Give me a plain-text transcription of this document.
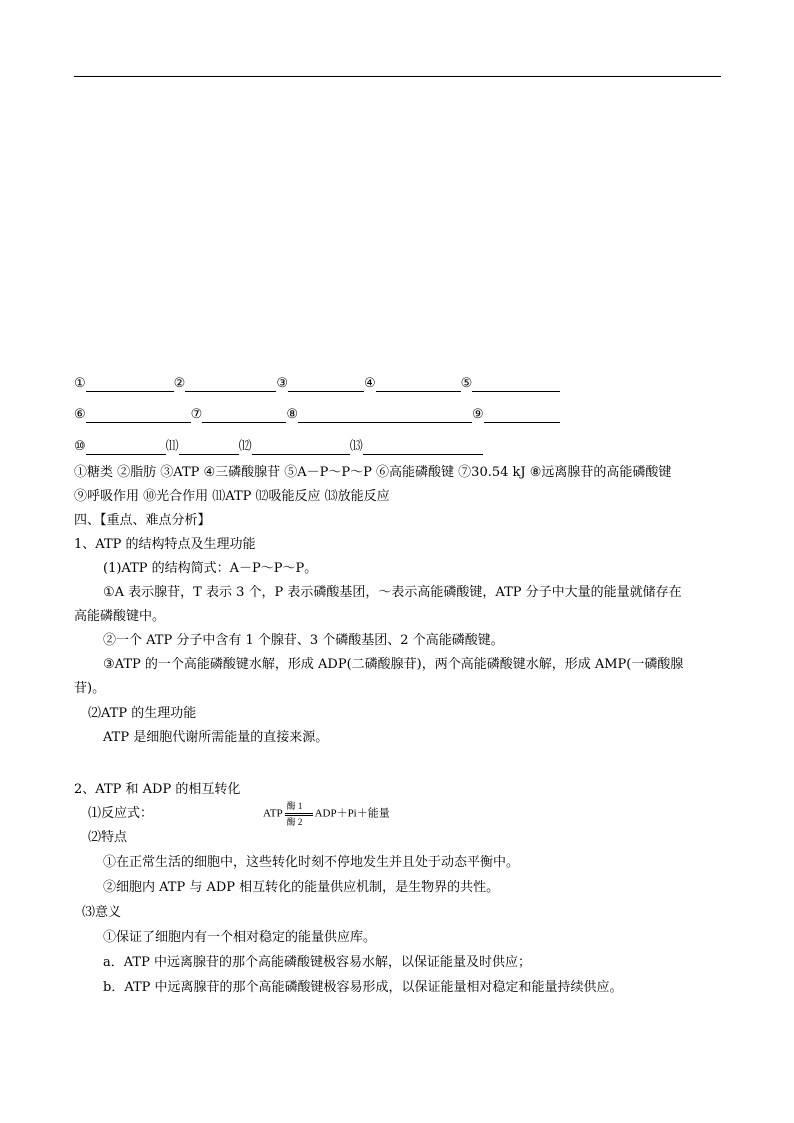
①	②	③	④	⑤
⑥	⑦	⑧	⑨
⑩	⑾	⑿	⒀
①糖类 ②脂肪 ③ATP ④三磷酸腺苷 ⑤A－P～P～P ⑥高能磷酸键 ⑦30.54 kJ ⑧远离腺苷的高能磷酸键
⑨呼吸作用 ⑩光合作用 ⑾ATP ⑿吸能反应 ⒀放能反应
四、【重点、难点分析】
1、ATP 的结构特点及生理功能
(1)ATP 的结构简式：A－P～P～P。
①A 表示腺苷，T 表示 3 个，P 表示磷酸基团，～表示高能磷酸键，ATP 分子中大量的能量就储存在
高能磷酸键中。
②一个 ATP 分子中含有 1 个腺苷、3 个磷酸基团、2 个高能磷酸键。
③ATP 的一个高能磷酸键水解，形成 ADP(二磷酸腺苷)，两个高能磷酸键水解，形成 AMP(一磷酸腺
苷)。
⑵ATP 的生理功能
ATP 是细胞代谢所需能量的直接来源。
2、ATP 和 ADP 的相互转化
⑴反应式：	ATP
酶 1
酶 2
ADP＋Pi＋能量
⑵特点
①在正常生活的细胞中，这些转化时刻不停地发生并且处于动态平衡中。
②细胞内 ATP 与 ADP 相互转化的能量供应机制，是生物界的共性。
⑶意义
①保证了细胞内有一个相对稳定的能量供应库。
a．ATP 中远离腺苷的那个高能磷酸键极容易水解，以保证能量及时供应；
b．ATP 中远离腺苷的那个高能磷酸键极容易形成，以保证能量相对稳定和能量持续供应。
